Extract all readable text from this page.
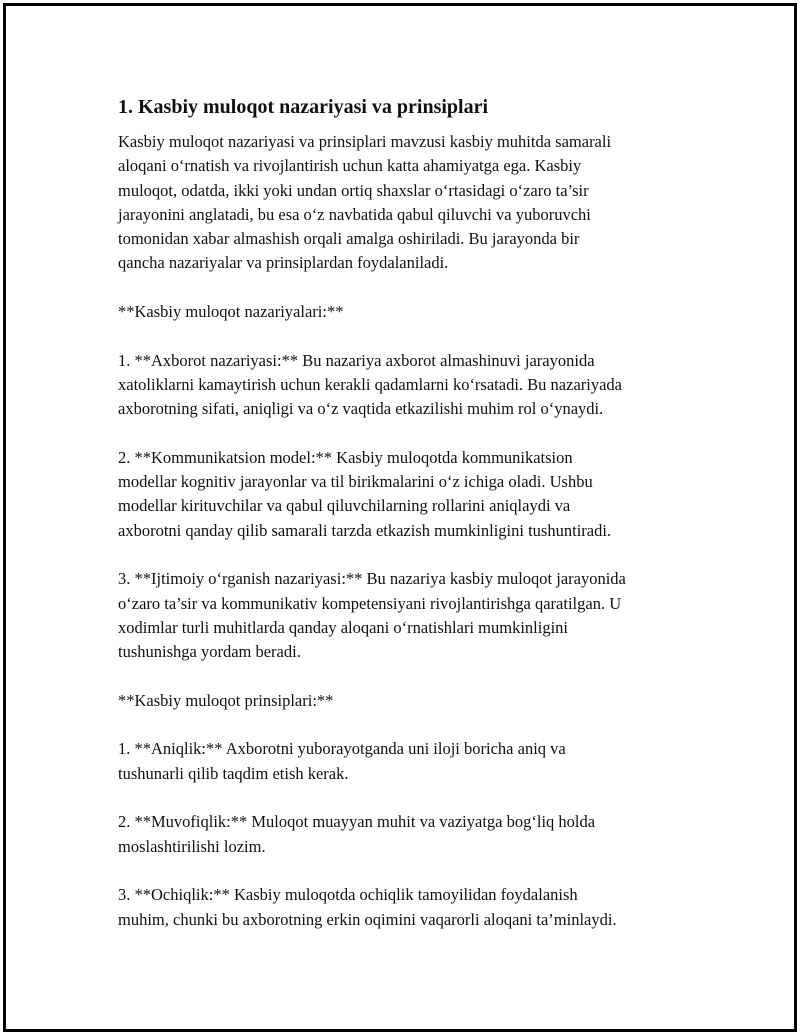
1. Kasbiy muloqot nazariyasi va prinsiplari

Kasbiy muloqot nazariyasi va prinsiplari mavzusi kasbiy muhitda samarali
aloqani o‘rnatish va rivojlantirish uchun katta ahamiyatga ega. Kasbiy
muloqot, odatda, ikki yoki undan ortiq shaxslar o‘rtasidagi o‘zaro ta’sir
jarayonini anglatadi, bu esa o‘z navbatida qabul qiluvchi va yuboruvchi
tomonidan xabar almashish orqali amalga oshiriladi. Bu jarayonda bir
qancha nazariyalar va prinsiplardan foydalaniladi.

**Kasbiy muloqot nazariyalari:**

1. **Axborot nazariyasi:** Bu nazariya axborot almashinuvi jarayonida
xatoliklarni kamaytirish uchun kerakli qadamlarni ko‘rsatadi. Bu nazariyada
axborotning sifati, aniqligi va o‘z vaqtida etkazilishi muhim rol o‘ynaydi.

2. **Kommunikatsion model:** Kasbiy muloqotda kommunikatsion
modellar kognitiv jarayonlar va til birikmalarini o‘z ichiga oladi. Ushbu
modellar kirituvchilar va qabul qiluvchilarning rollarini aniqlaydi va
axborotni qanday qilib samarali tarzda etkazish mumkinligini tushuntiradi.

3. **Ijtimoiy o‘rganish nazariyasi:** Bu nazariya kasbiy muloqot jarayonida
o‘zaro ta’sir va kommunikativ kompetensiyani rivojlantirishga qaratilgan. U
xodimlar turli muhitlarda qanday aloqani o‘rnatishlari mumkinligini
tushunishga yordam beradi.

**Kasbiy muloqot prinsiplari:**

1. **Aniqlik:** Axborotni yuborayotganda uni iloji boricha aniq va
tushunarli qilib taqdim etish kerak.

2. **Muvofiqlik:** Muloqot muayyan muhit va vaziyatga bog‘liq holda
moslashtirilishi lozim.

3. **Ochiqlik:** Kasbiy muloqotda ochiqlik tamoyilidan foydalanish
muhim, chunki bu axborotning erkin oqimini vaqarorli aloqani ta’minlaydi.
